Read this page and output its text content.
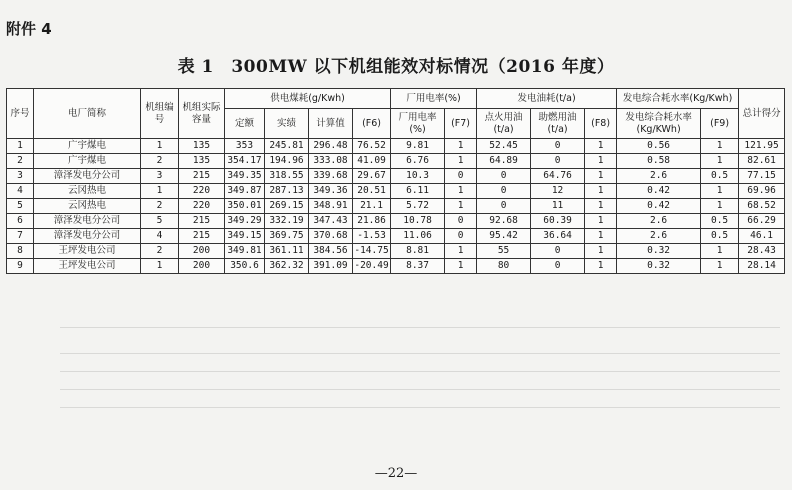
附件 4
表 1　300MW 以下机组能效对标情况（2016 年度）
序号	电厂简称	机组编号	机组实际容量	供电煤耗(g/Kwh)				厂用电率(%)		发电油耗(t/a)			发电综合耗水率(Kg/Kwh)		总计得分
				定额	实绩	计算值	(F6)	厂用电率(%)	(F7)	点火用油(t/a)	助燃用油(t/a)	(F8)	发电综合耗水率(Kg/KWh)	(F9)	
1	广宇煤电	1	135	353	245.81	296.48	76.52	9.81	1	52.45	0	1	0.56	1	121.95
2	广宇煤电	2	135	354.17	194.96	333.08	41.09	6.76	1	64.89	0	1	0.58	1	82.61
3	漳泽发电分公司	3	215	349.35	318.55	339.68	29.67	10.3	0	0	64.76	1	2.6	0.5	77.15
4	云冈热电	1	220	349.87	287.13	349.36	20.51	6.11	1	0	12	1	0.42	1	69.96
5	云冈热电	2	220	350.01	269.15	348.91	21.1	5.72	1	0	11	1	0.42	1	68.52
6	漳泽发电分公司	5	215	349.29	332.19	347.43	21.86	10.78	0	92.68	60.39	1	2.6	0.5	66.29
7	漳泽发电分公司	4	215	349.15	369.75	370.68	-1.53	11.06	0	95.42	36.64	1	2.6	0.5	46.1
8	王坪发电公司	2	200	349.81	361.11	384.56	-14.75	8.81	1	55	0	1	0.32	1	28.43
9	王坪发电公司	1	200	350.6	362.32	391.09	-20.49	8.37	1	80	0	1	0.32	1	28.14
—22—
